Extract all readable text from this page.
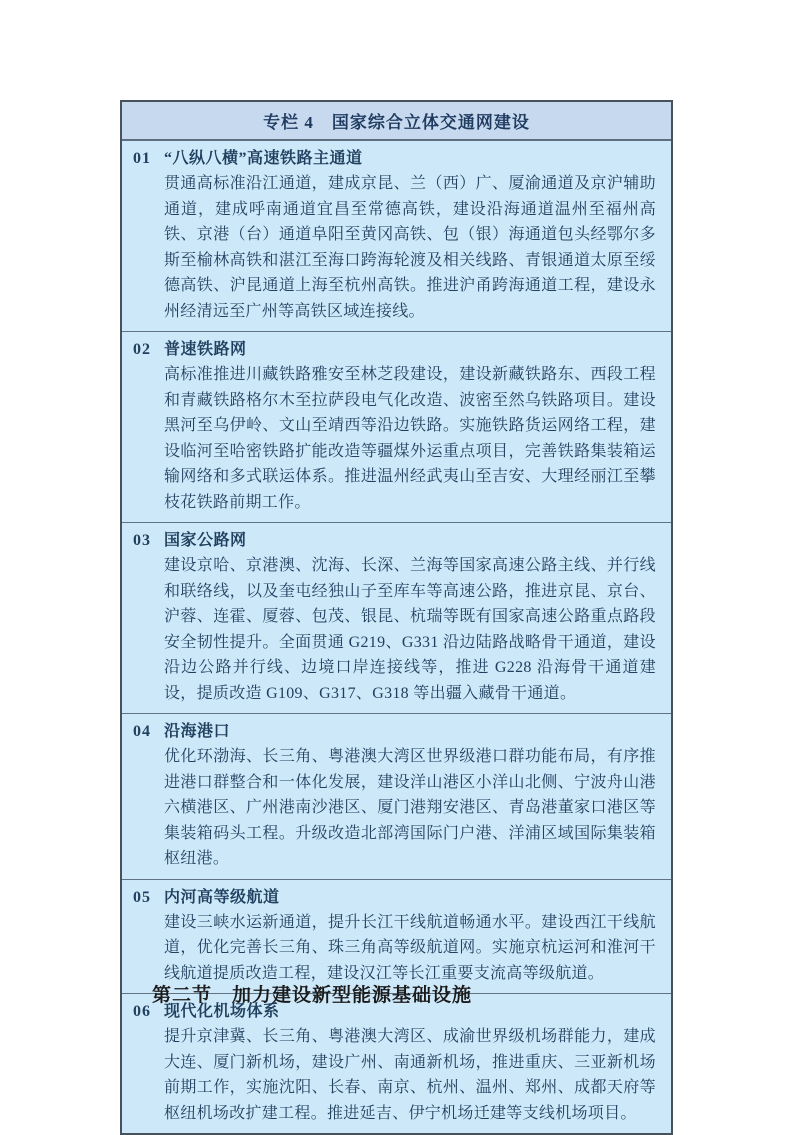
专栏 4　国家综合立体交通网建设
01 “八纵八横”高速铁路主通道
贯通高标准沿江通道，建成京昆、兰（西）广、厦渝通道及京沪辅助通道，建成呼南通道宜昌至常德高铁，建设沿海通道温州至福州高铁、京港（台）通道阜阳至黄冈高铁、包（银）海通道包头经鄂尔多斯至榆林高铁和湛江至海口跨海轮渡及相关线路、青银通道太原至绥德高铁、沪昆通道上海至杭州高铁。推进沪甬跨海通道工程，建设永州经清远至广州等高铁区域连接线。
02 普速铁路网
高标准推进川藏铁路雅安至林芝段建设，建设新藏铁路东、西段工程和青藏铁路格尔木至拉萨段电气化改造、波密至然乌铁路项目。建设黑河至乌伊岭、文山至靖西等沿边铁路。实施铁路货运网络工程，建设临河至哈密铁路扩能改造等疆煤外运重点项目，完善铁路集装箱运输网络和多式联运体系。推进温州经武夷山至吉安、大理经丽江至攀枝花铁路前期工作。
03 国家公路网
建设京哈、京港澳、沈海、长深、兰海等国家高速公路主线、并行线和联络线，以及奎屯经独山子至库车等高速公路，推进京昆、京台、沪蓉、连霍、厦蓉、包茂、银昆、杭瑞等既有国家高速公路重点路段安全韧性提升。全面贯通 G219、G331 沿边陆路战略骨干通道，建设沿边公路并行线、边境口岸连接线等，推进 G228 沿海骨干通道建设，提质改造 G109、G317、G318 等出疆入藏骨干通道。
04 沿海港口
优化环渤海、长三角、粤港澳大湾区世界级港口群功能布局，有序推进港口群整合和一体化发展，建设洋山港区小洋山北侧、宁波舟山港六横港区、广州港南沙港区、厦门港翔安港区、青岛港董家口港区等集装箱码头工程。升级改造北部湾国际门户港、洋浦区域国际集装箱枢纽港。
05 内河高等级航道
建设三峡水运新通道，提升长江干线航道畅通水平。建设西江干线航道，优化完善长三角、珠三角高等级航道网。实施京杭运河和淮河干线航道提质改造工程，建设汉江等长江重要支流高等级航道。
06 现代化机场体系
提升京津冀、长三角、粤港澳大湾区、成渝世界级机场群能力，建成大连、厦门新机场，建设广州、南通新机场，推进重庆、三亚新机场前期工作，实施沈阳、长春、南京、杭州、温州、郑州、成都天府等枢纽机场改扩建工程。推进延吉、伊宁机场迁建等支线机场项目。
第二节　加力建设新型能源基础设施
